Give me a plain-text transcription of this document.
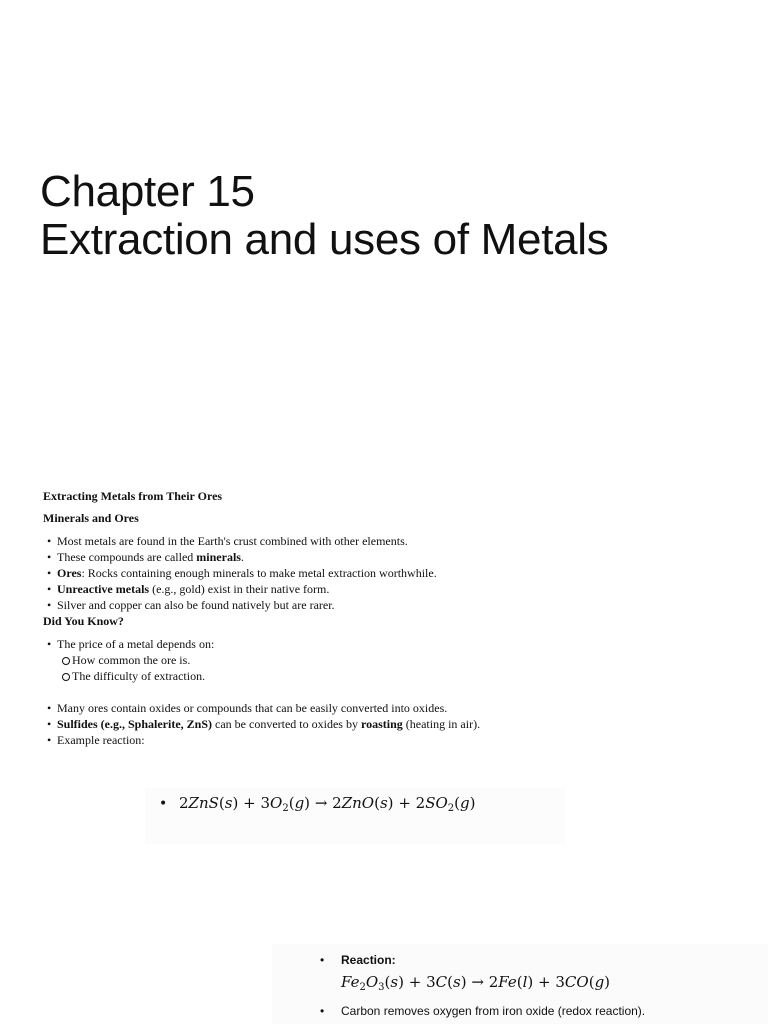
Chapter 15
Extraction and uses of Metals

Extracting Metals from Their Ores

Minerals and Ores

• Most metals are found in the Earth's crust combined with other elements.
• These compounds are called minerals.
• Ores: Rocks containing enough minerals to make metal extraction worthwhile.
• Unreactive metals (e.g., gold) exist in their native form.
• Silver and copper can also be found natively but are rarer.

Did You Know?

• The price of a metal depends on:
How common the ore is.
The difficulty of extraction.
• Many ores contain oxides or compounds that can be easily converted into oxides.
• Sulfides (e.g., Sphalerite, ZnS) can be converted to oxides by roasting (heating in air).
• Example reaction:
• $2ZnS(s) + 3O_2(g) \to 2ZnO(s) + 2SO_2(g)$
• Reaction:
$Fe_2O_3(s) + 3C(s) \to 2Fe(l) + 3CO(g)$
• Carbon removes oxygen from iron oxide (redox reaction).
